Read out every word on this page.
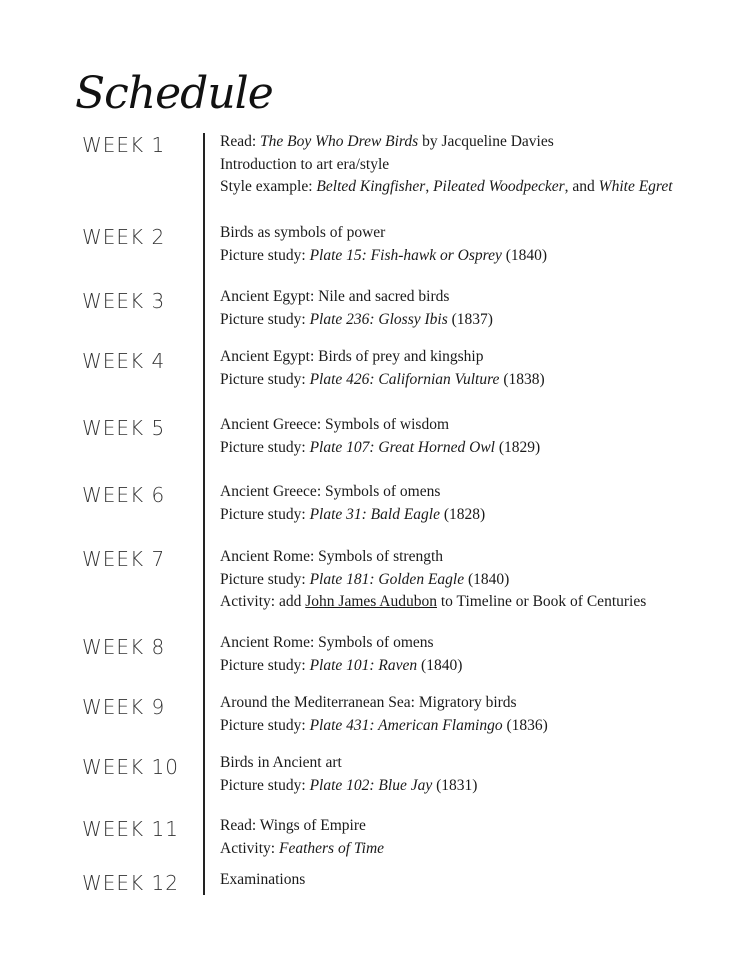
Schedule
WEEK 1	Read: The Boy Who Drew Birds by Jacqueline Davies
Introduction to art era/style
Style example: Belted Kingfisher, Pileated Woodpecker, and White Egret
WEEK 2	Birds as symbols of power
Picture study: Plate 15: Fish-hawk or Osprey (1840)
WEEK 3	Ancient Egypt: Nile and sacred birds
Picture study: Plate 236: Glossy Ibis (1837)
WEEK 4	Ancient Egypt: Birds of prey and kingship
Picture study: Plate 426: Californian Vulture (1838)
WEEK 5	Ancient Greece: Symbols of wisdom
Picture study: Plate 107: Great Horned Owl (1829)
WEEK 6	Ancient Greece: Symbols of omens
Picture study: Plate 31: Bald Eagle (1828)
WEEK 7	Ancient Rome: Symbols of strength
Picture study: Plate 181: Golden Eagle (1840)
Activity: add John James Audubon to Timeline or Book of Centuries
WEEK 8	Ancient Rome: Symbols of omens
Picture study: Plate 101: Raven (1840)
WEEK 9	Around the Mediterranean Sea: Migratory birds
Picture study: Plate 431: American Flamingo (1836)
WEEK 10	Birds in Ancient art
Picture study: Plate 102: Blue Jay (1831)
WEEK 11	Read: Wings of Empire
Activity: Feathers of Time
WEEK 12	Examinations
